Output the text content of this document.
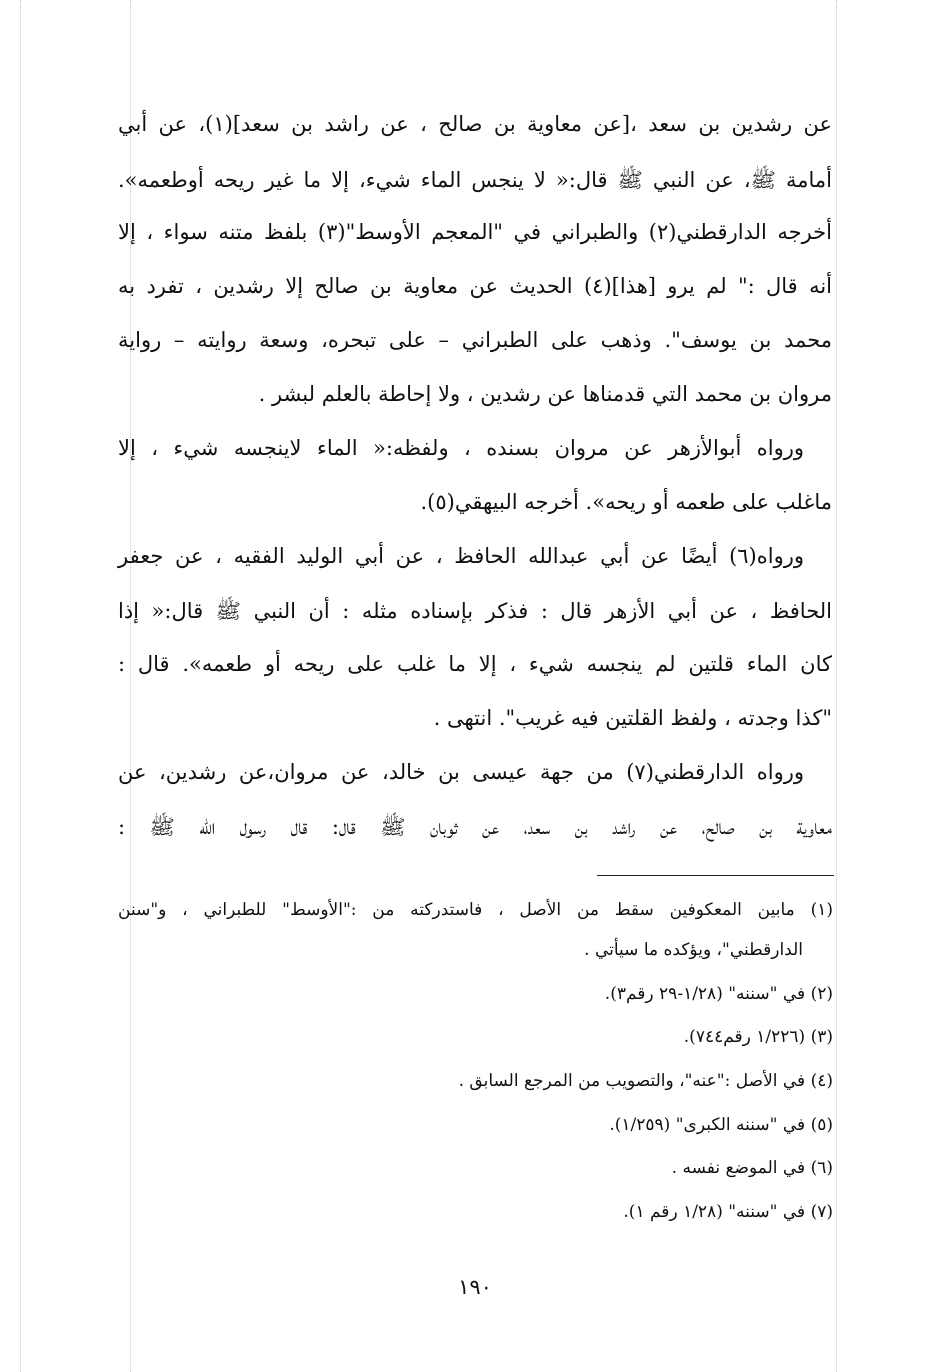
عن رشدين بن سعد ،[عن معاوية بن صالح ، عن راشد بن سعد](١)، عن أبي
أمامة ﷺ، عن النبي ﷺ قال:« لا ينجس الماء شيء، إلا ما غير ريحه أوطعمه».
أخرجه الدارقطني(٢) والطبراني في "المعجم الأوسط"(٣) بلفظ متنه سواء ، إلا
أنه قال :" لم يرو [هذا](٤) الحديث عن معاوية بن صالح إلا رشدين ، تفرد به
محمد بن يوسف". وذهب على الطبراني – على تبحره، وسعة روايته – رواية
مروان بن محمد التي قدمناها عن رشدين ، ولا إحاطة بالعلم لبشر .
ورواه أبوالأزهر عن مروان بسنده ، ولفظه:« الماء لاينجسه شيء ، إلا
ماغلب على طعمه أو ريحه». أخرجه البيهقي(٥).
ورواه(٦) أيضًا عن أبي عبدالله الحافظ ، عن أبي الوليد الفقيه ، عن جعفر
الحافظ ، عن أبي الأزهر قال : فذكر بإسناده مثله : أن النبي ﷺ قال:« إذا
كان الماء قلتين لم ينجسه شيء ، إلا ما غلب على ريحه أو طعمه». قال :
"كذا وجدته ، ولفظ القلتين فيه غريب". انتهى .
ورواه الدارقطني(٧) من جهة عيسى بن خالد، عن مروان،عن رشدين، عن
معاوية بن صالح، عن راشد بن سعد، عن ثوبان ﷺ قال: قال رسول الله ﷺ :
(١) مابين المعكوفين سقط من الأصل ، فاستدركته من :"الأوسط" للطبراني ، و"سنن
الدارقطني"، ويؤكده ما سيأتي .
(٢) في "سننه" (١/٢٨-٢٩ رقم٣).
(٣) (١/٢٢٦ رقم٧٤٤).
(٤) في الأصل :"عنه"، والتصويب من المرجع السابق .
(٥) في "سننه الكبرى" (١/٢٥٩).
(٦) في الموضع نفسه .
(٧) في "سننه" (١/٢٨ رقم ١).
١٩٠
